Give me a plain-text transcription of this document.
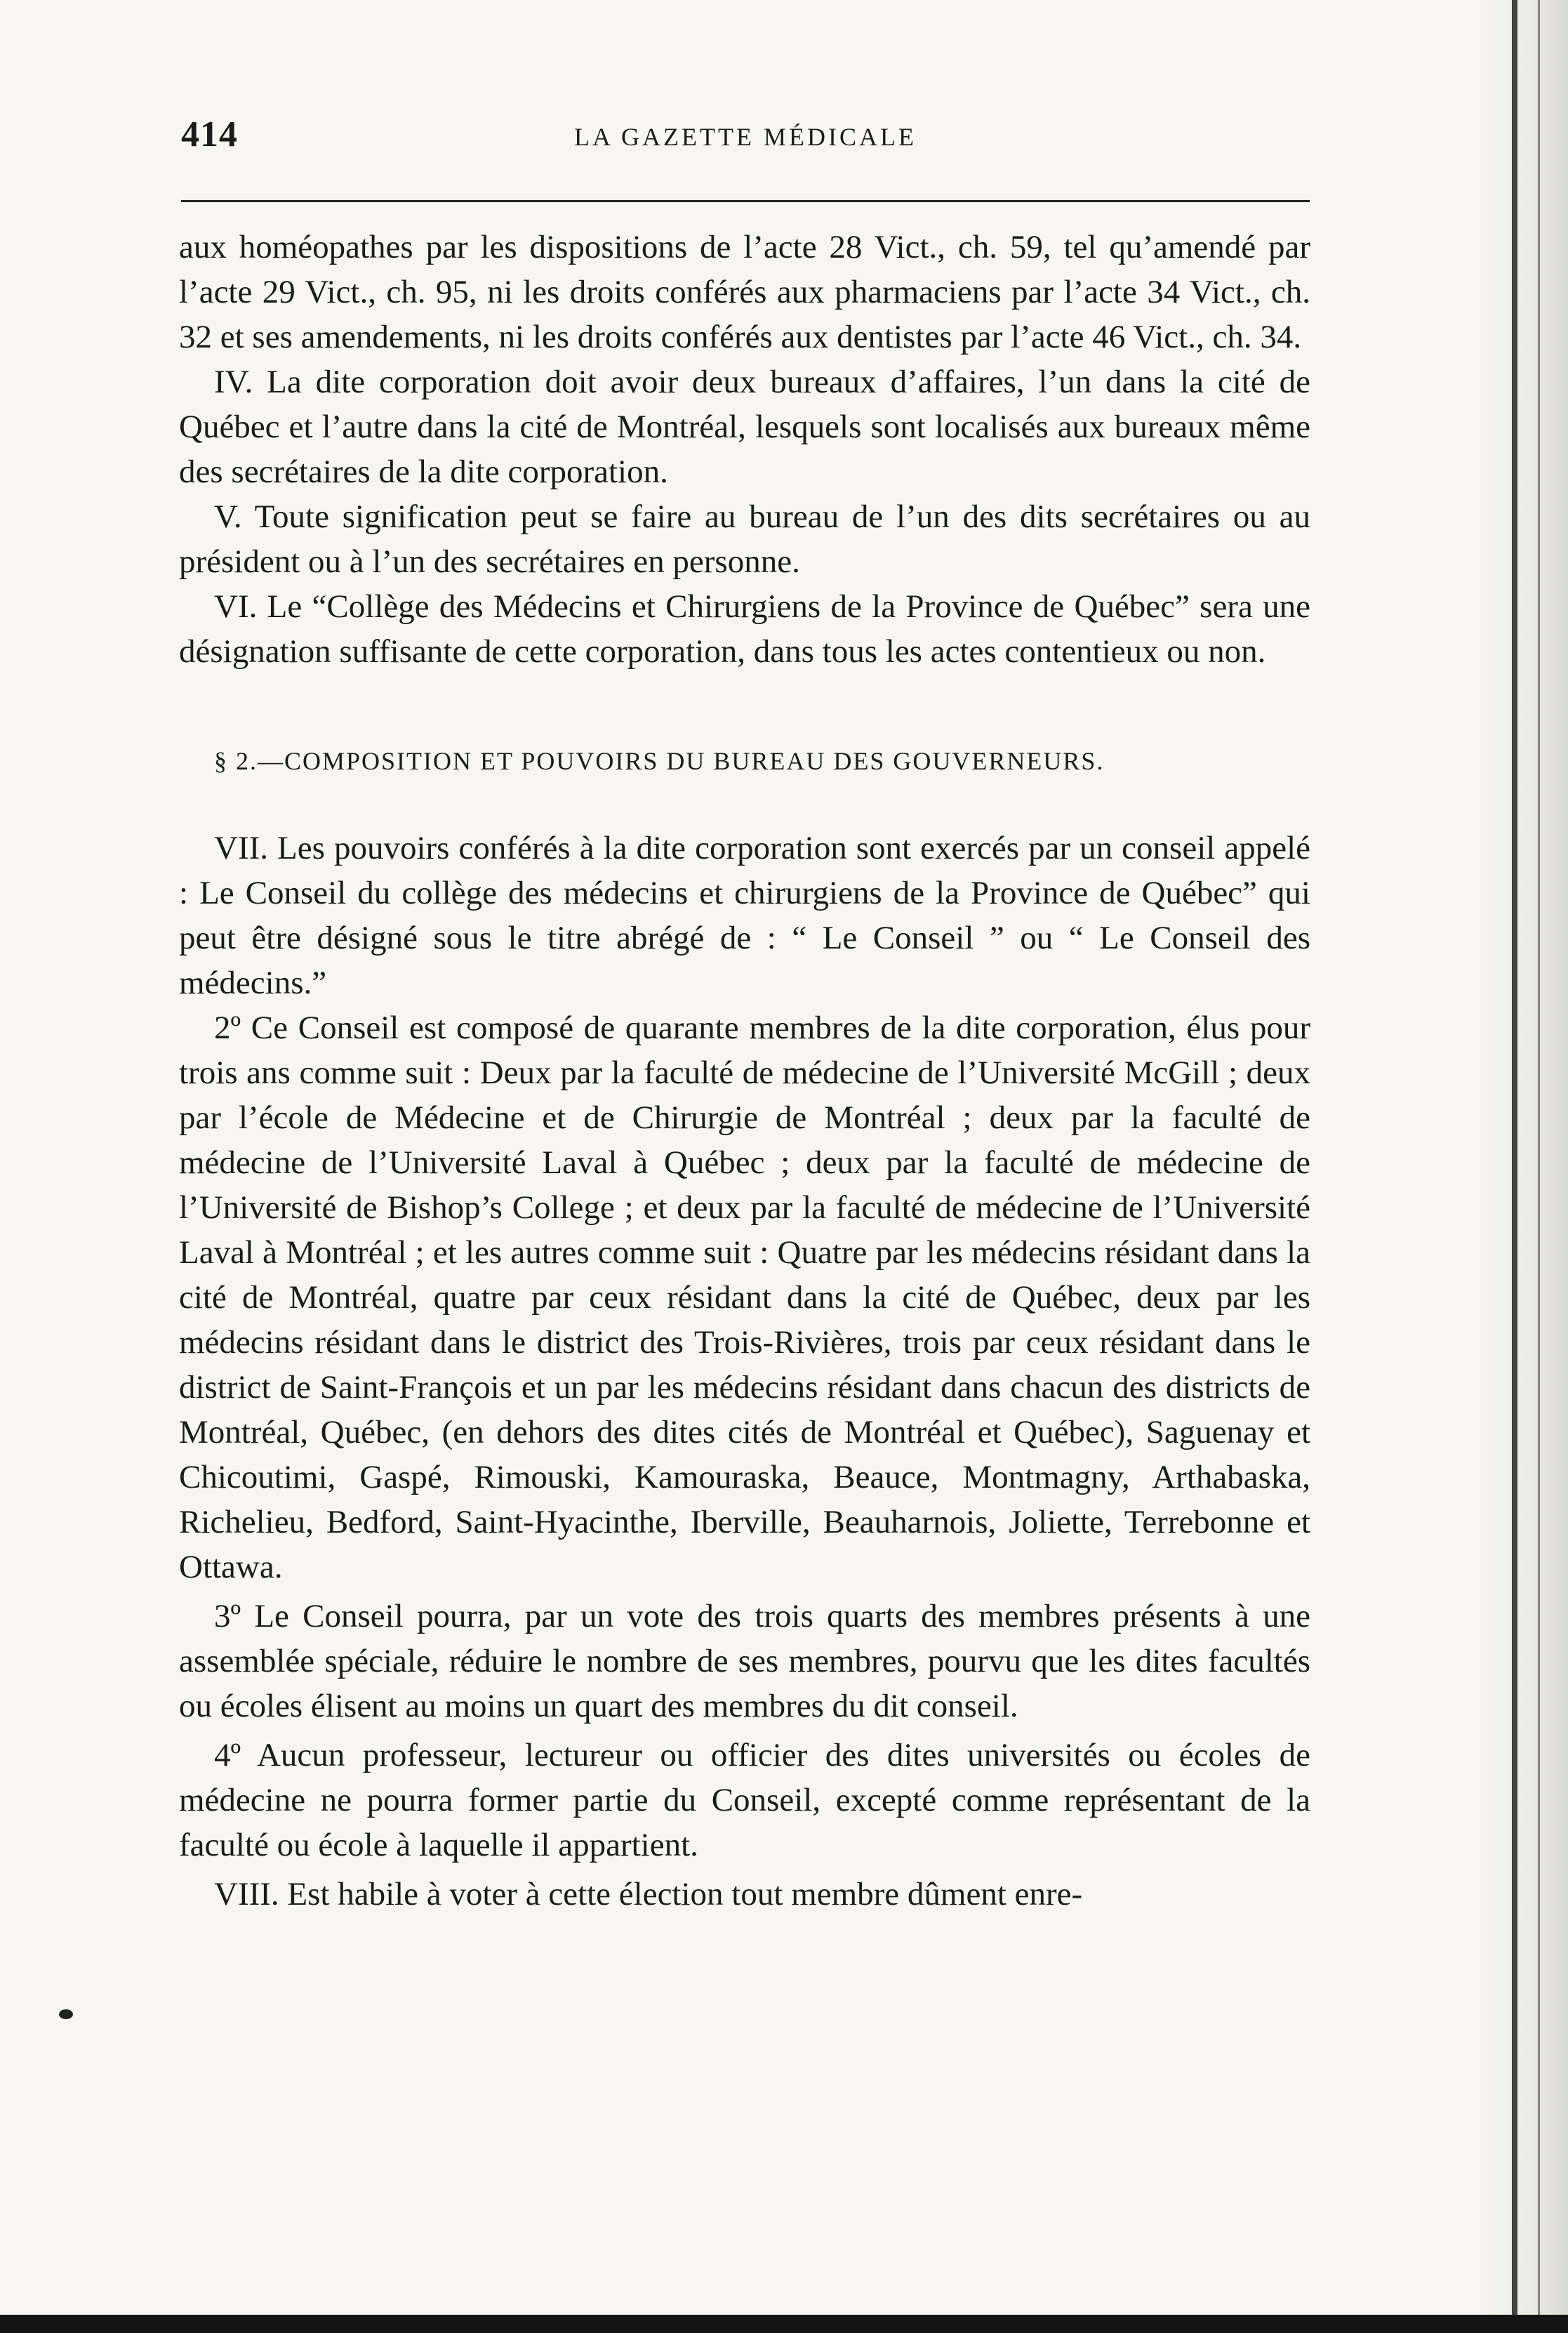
414	LA GAZETTE MÉDICALE

aux homéopathes par les dispositions de l’acte 28 Vict., ch. 59, tel qu’amendé par l’acte 29 Vict., ch. 95, ni les droits conférés aux pharmaciens par l’acte 34 Vict., ch. 32 et ses amendements, ni les droits conférés aux dentistes par l’acte 46 Vict., ch. 34.

IV. La dite corporation doit avoir deux bureaux d’affaires, l’un dans la cité de Québec et l’autre dans la cité de Montréal, lesquels sont localisés aux bureaux même des secrétaires de la dite corporation.

V. Toute signification peut se faire au bureau de l’un des dits secrétaires ou au président ou à l’un des secrétaires en personne.

VI. Le “Collège des Médecins et Chirurgiens de la Province de Québec” sera une désignation suffisante de cette corporation, dans tous les actes contentieux ou non.

§ 2.—COMPOSITION ET POUVOIRS DU BUREAU DES GOUVERNEURS.

VII. Les pouvoirs conférés à la dite corporation sont exercés par un conseil appelé : Le Conseil du collège des médecins et chirurgiens de la Province de Québec” qui peut être désigné sous le titre abrégé de : “ Le Conseil ” ou “ Le Conseil des médecins.”

2º Ce Conseil est composé de quarante membres de la dite corporation, élus pour trois ans comme suit : Deux par la faculté de médecine de l’Université McGill ; deux par l’école de Médecine et de Chirurgie de Montréal ; deux par la faculté de médecine de l’Université Laval à Québec ; deux par la faculté de médecine de l’Université de Bishop’s College ; et deux par la faculté de médecine de l’Université Laval à Montréal ; et les autres comme suit : Quatre par les médecins résidant dans la cité de Montréal, quatre par ceux résidant dans la cité de Québec, deux par les médecins résidant dans le district des Trois-Rivières, trois par ceux résidant dans le district de Saint-François et un par les médecins résidant dans chacun des districts de Montréal, Québec, (en dehors des dites cités de Montréal et Québec), Saguenay et Chicoutimi, Gaspé, Rimouski, Kamouraska, Beauce, Montmagny, Arthabaska, Richelieu, Bedford, Saint-Hyacinthe, Iberville, Beauharnois, Joliette, Terrebonne et Ottawa.

3º Le Conseil pourra, par un vote des trois quarts des membres présents à une assemblée spéciale, réduire le nombre de ses membres, pourvu que les dites facultés ou écoles élisent au moins un quart des membres du dit conseil.

4º Aucun professeur, lectureur ou officier des dites universités ou écoles de médecine ne pourra former partie du Conseil, excepté comme représentant de la faculté ou école à laquelle il appartient.

VIII. Est habile à voter à cette élection tout membre dûment enre-
